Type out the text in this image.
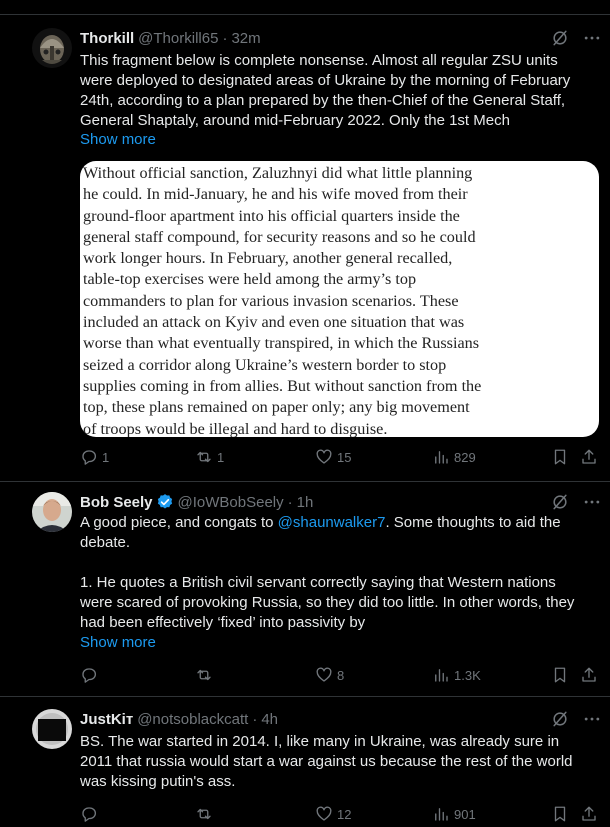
Thorkill @Thorkill65 · 32m
This fragment below is complete nonsense. Almost all regular ZSU units
were deployed to designated areas of Ukraine by the morning of February
24th, according to a plan prepared by the then-Chief of the General Staff,
General Shaptaly, around mid-February 2022. Only the 1st Mech
Show more
Without official sanction, Zaluzhnyi did what little planning
he could. In mid-January, he and his wife moved from their
ground-floor apartment into his official quarters inside the
general staff compound, for security reasons and so he could
work longer hours. In February, another general recalled,
table-top exercises were held among the army’s top
commanders to plan for various invasion scenarios. These
included an attack on Kyiv and even one situation that was
worse than what eventually transpired, in which the Russians
seized a corridor along Ukraine’s western border to stop
supplies coming in from allies. But without sanction from the
top, these plans remained on paper only; any big movement
of troops would be illegal and hard to disguise.
1	1	15	829
Bob Seely @IoWBobSeely · 1h
A good piece, and congats to @shaunwalker7. Some thoughts to aid the
debate.
1. He quotes a British civil servant correctly saying that Western nations
were scared of provoking Russia, so they did too little. In other words, they
had been effectively ‘fixed’ into passivity by
Show more
8	1.3K
JustKiт @notsoblackcatt · 4h
BS. The war started in 2014. I, like many in Ukraine, was already sure in
2011 that russia would start a war against us because the rest of the world
was kissing putin's ass.
12	901
